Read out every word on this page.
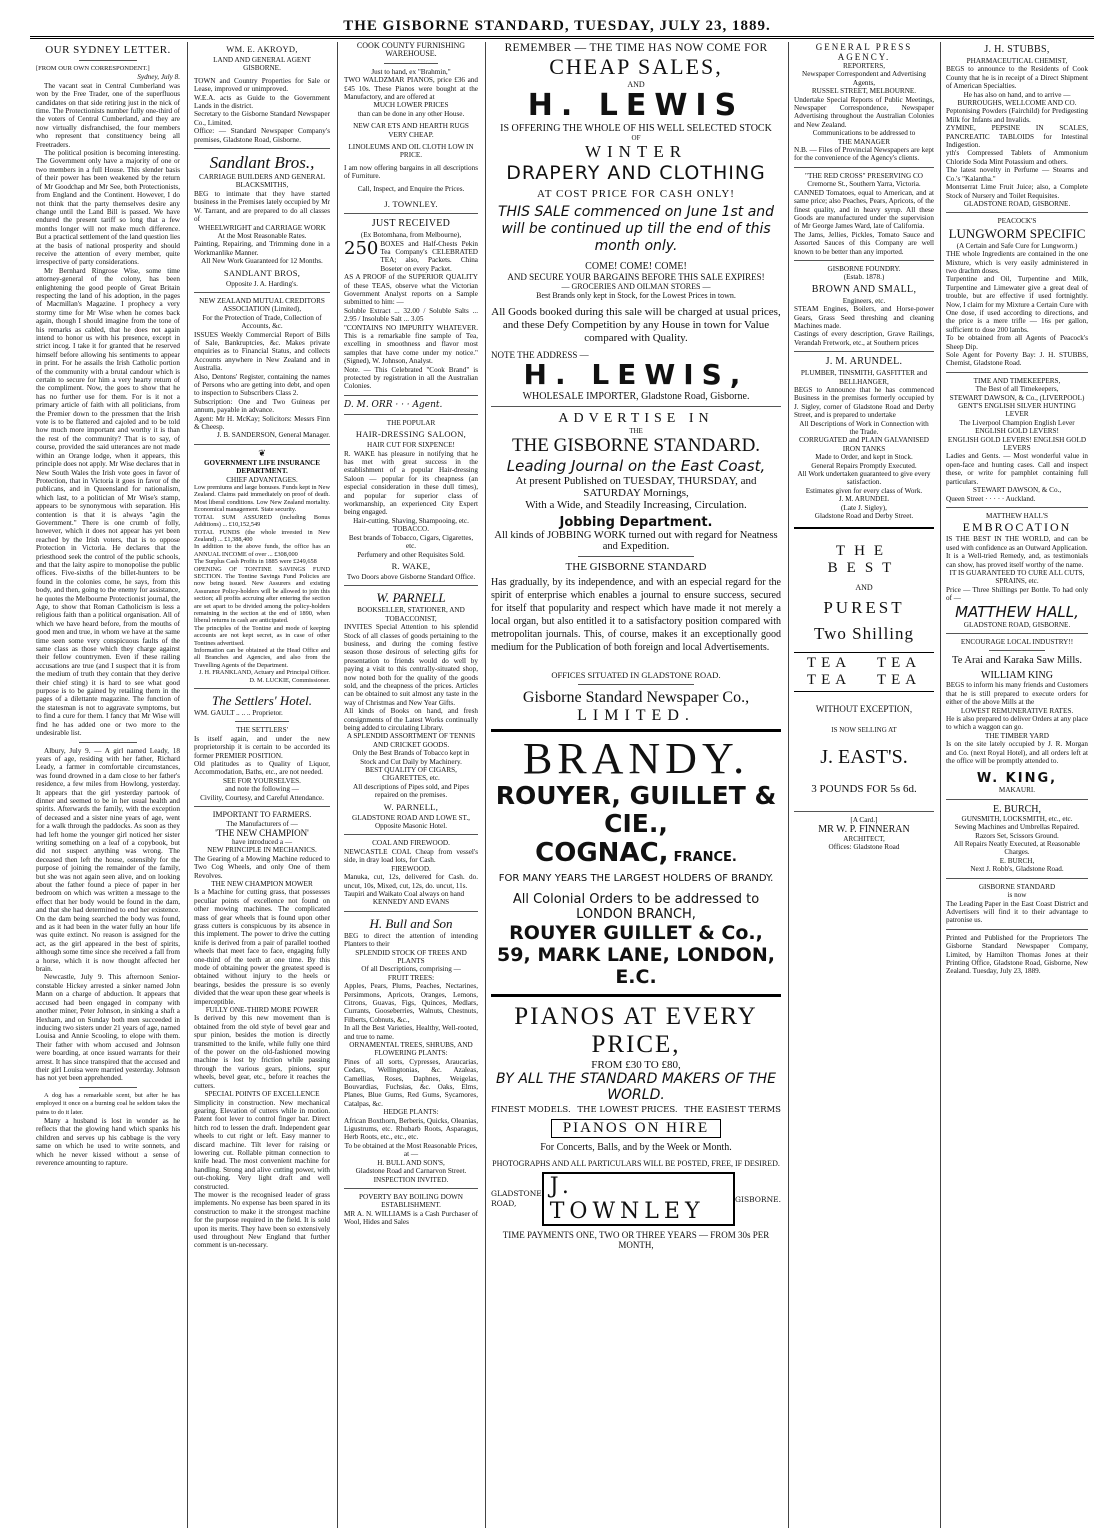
THE GISBORNE STANDARD, TUESDAY, JULY 23, 1889.
OUR SYDNEY LETTER.
[FROM OUR OWN CORRESPONDENT.]
Sydney, July 8.
The vacant seat in Central Cumberland was won by the Free Trader, one of the superfluous candidates on that side retiring just in the nick of time. The Protectionists number fully one-third of the voters of Central Cumberland, and they are now virtually disfranchised, the four members who represent that constituency being all Freetraders.
The political position is becoming interesting. The Government only have a majority of one or two members in a full House. This slender basis of their power has been weakened by the return of Mr Goodchap and Mr See, both Protectionists, from England and the Continent. However, I do not think that the party themselves desire any change until the Land Bill is passed. We have endured the present tariff so long that a few months longer will not make much difference. But a practical settlement of the land question lies at the basis of national prosperity and should receive the attention of every member, quite irrespective of party considerations.
Mr Bernhard Ringrose Wise, some time attorney-general of the colony, has been enlightening the good people of Great Britain respecting the land of his adoption, in the pages of Macmillan's Magazine. I prophecy a very stormy time for Mr Wise when he comes back again, though I should imagine from the tone of his remarks as cabled, that he does not again intend to honor us with his presence, except in strict incog. I take it for granted that he reserved himself before allowing his sentiments to appear in print. For he assails the Irish Catholic portion of the community with a brutal candour which is certain to secure for him a very hearty return of the compliment. Now, the goes to show that he has no further use for them. For is it not a primary article of faith with all politicians, from the Premier down to the pressmen that the Irish vote is to be flattered and cajoled and to be told how much more important and worthy it is than the rest of the community? That is to say, of course, provided the said utterances are not made within an Orange lodge, when it appears, this principle does not apply. Mr Wise declares that in New South Wales the Irish vote goes in favor of Protection, that in Victoria it goes in favor of the publicans, and in Queensland for nationalism, which last, to a politician of Mr Wise's stamp, appears to be synonymous with separation. His contention is that it is always "agin the Government." There is one crumb of folly, however, which it does not appear has yet been reached by the Irish voters, that is to oppose Protection in Victoria. He declares that the priesthood seek the control of the public schools, and that the laity aspire to monopolise the public offices. Five-sixths of the billet-hunters to be found in the colonies come, he says, from this body, and then, going to the enemy for assistance, he quotes the Melbourne Protectionist journal, the Age, to show that Roman Catholicism is less a religious faith than a political organisation. All of which we have heard before, from the mouths of good men and true, in whom we have at the same time seen some very conspicuous faults of the same class as those which they charge against their fellow countrymen. Even if these railing accusations are true (and I suspect that it is from the medium of truth they contain that they derive their chief sting) it is hard to see what good purpose is to be gained by retailing them in the pages of a dilettante magazine. The function of the statesman is not to aggravate symptoms, but to find a cure for them. I fancy that Mr Wise will find he has added one or two more to the undesirable list.
Albury, July 9. — A girl named Leady, 18 years of age, residing with her father, Richard Leady, a farmer in comfortable circumstances, was found drowned in a dam close to her father's residence, a few miles from Howlong, yesterday. It appears that the girl yesterday partook of dinner and seemed to be in her usual health and spirits. Afterwards the family, with the exception of deceased and a sister nine years of age, went for a walk through the paddocks. As soon as they had left home the younger girl noticed her sister writing something on a leaf of a copybook, but did not suspect anything was wrong. The deceased then left the house, ostensibly for the purpose of joining the remainder of the family, but she was not again seen alive, and on looking about the father found a piece of paper in her bedroom on which was written a message to the effect that her body would be found in the dam, and that she had determined to end her existence. On the dam being searched the body was found, and as it had been in the water fully an hour life was quite extinct. No reason is assigned for the act, as the girl appeared in the best of spirits, although some time since she received a fall from a horse, which it is now thought affected her brain.
Newcastle, July 9. This afternoon Senior-constable Hickey arrested a sinker named John Mann on a charge of abduction. It appears that accused had been engaged in company with another miner, Peter Johnson, in sinking a shaft a Hexham, and on Sunday both men succeeded in inducing two sisters under 21 years of age, named Louisa and Annie Scooling, to elope with them. Their father with whom accused and Johnson were boarding, at once issued warrants for their arrest. It has since transpired that the accused and their girl Louisa were married yesterday. Johnson has not yet been apprehended.
A dog has a remarkable scent, but after he has employed it once on a burning coal he seldom takes the pains to do it later.
Many a husband is lost in wonder as he reflects that the glowing hand which spanks his children and serves up his cabbage is the very same on which he used to write sonnets, and which he never kissed without a sense of reverence amounting to rapture.
WM. E. AKROYD,
LAND AND GENERAL AGENT GISBORNE.
TOWN and Country Properties for Sale or Lease, improved or unimproved.
W.E.A. acts as Guide to the Government Lands in the district.
Secretary to the Gisborne Standard Newspaper Co., Limited.
Office: — Standard Newspaper Company's premises, Gladstone Road, Gisborne.
Sandlant Bros.,
CARRIAGE BUILDERS AND GENERAL BLACKSMITHS,
BEG to intimate that they have started business in the Premises lately occupied by Mr W. Tarrant, and are prepared to do all classes of
WHEELWRIGHT and CARRIAGE WORK
At the Most Reasonable Rates.
Painting, Repairing, and Trimming done in a Workmanlike Manner.
All New Work Guaranteed for 12 Months.
SANDLANT BROS,
Opposite J. A. Harding's.
NEW ZEALAND MUTUAL CREDITORS ASSOCIATION (Limited),
For the Protection of Trade, Collection of Accounts, &c.
ISSUES Weekly Commercial Report of Bills of Sale, Bankruptcies, &c. Makes private enquiries as to Financial Status, and collects Accounts anywhere in New Zealand and in Australia.
Also, Dentons' Register, containing the names of Persons who are getting into debt, and open to inspection to Subscribers Class 2.
Subscription: One and Two Guineas per annum, payable in advance.
Agent: Mr H. McKay; Solicitors: Messrs Finn & Cheesp.
J. B. SANDERSON, General Manager.
❦
GOVERNMENT LIFE INSURANCE DEPARTMENT.
CHIEF ADVANTAGES.
Low premiums and large bonuses. Funds kept in New Zealand. Claims paid immediately on proof of death. Most liberal conditions. Low New Zealand mortality. Economical management. State security.
TOTAL SUM ASSURED (including Bonus Additions) ... £10,152,549
TOTAL FUNDS (the whole invested in New Zealand) ... £1,388,400
In addition to the above funds, the office has an ANNUAL INCOME of over ... £308,000
The Surplus Cash Profits in 1885 were £249,658
OPENING OF TONTINE SAVINGS FUND SECTION. The Tontine Savings Fund Policies are now being issued. New Assurers and existing Assurance Policy-holders will be allowed to join this section; all profits accruing after entering the section are set apart to be divided among the policy-holders remaining in the section at the end of 1890, when liberal returns in cash are anticipated.
The principles of the Tontine and mode of keeping accounts are not kept secret, as in case of other Tontines advertised.
Information can be obtained at the Head Office and all Branches and Agencies, and also from the Travelling Agents of the Department.
J. H. FRANKLAND, Actuary and Principal Officer. D. M. LUCKIE, Commissioner.
The Settlers' Hotel.
WM. GAULT .. .. .. Proprietor.
THE SETTLERS'
Is itself again, and under the new proprietorship it is certain to be accorded its former PREMIER POSITION.
Old platitudes as to Quality of Liquor, Accommodation, Baths, etc., are not needed.
SEE FOR YOURSELVES.
and note the following —
Civility, Courtesy, and Careful Attendance.
IMPORTANT TO FARMERS.
The Manufacturers of —
'THE NEW CHAMPION'
have introduced a —
NEW PRINCIPLE IN MECHANICS.
The Gearing of a Mowing Machine reduced to Two Cog Wheels, and only One of them Revolves.
THE NEW CHAMPION MOWER
Is a Machine for cutting grass, that possesses peculiar points of excellence not found on other mowing machines. The complicated mass of gear wheels that is found upon other grass cutters is conspicuous by its absence in this implement. The power to drive the cutting knife is derived from a pair of parallel toothed wheels that meet face to face, engaging fully one-third of the teeth at one time. By this mode of obtaining power the greatest speed is obtained without injury to the heels or bearings, besides the pressure is so evenly divided that the wear upon these gear wheels is imperceptible.
FULLY ONE-THIRD MORE POWER
Is derived by this new movement than is obtained from the old style of bevel gear and spur pinion, besides the motion is directly transmitted to the knife, while fully one third of the power on the old-fashioned mowing machine is lost by friction while passing through the various gears, pinions, spur wheels, bevel gear, etc., before it reaches the cutters.
SPECIAL POINTS OF EXCELLENCE
Simplicity in construction. New mechanical gearing. Elevation of cutters while in motion. Patent foot lever to control finger bar. Direct hitch rod to lessen the draft. Independent gear wheels to cut right or left. Easy manner to discard machine. Tilt lever for raising or lowering cut. Rollable pitman connection to knife head. The most convenient machine for handling. Strong and alive cutting power, with out-choking. Very light draft and well constructed.
The mower is the recognised leader of grass implements. No expense has been spared in its construction to make it the strongest machine for the purpose required in the field. It is sold upon its merits. They have been so extensively used throughout New England that further comment is un-necessary.
COOK COUNTY FURNISHING WAREHOUSE.
Just to hand, ex "Brahmin,"
TWO WALDZMAR PIANOS, price £36 and £45 10s. These Pianos were bought at the Manufactory, and are offered at
MUCH LOWER PRICES
than can be done in any other House.
NEW CAR ETS AND HEARTH RUGS VERY CHEAP.
LINOLEUMS AND OIL CLOTH LOW IN PRICE.
I am now offering bargains in all descriptions of Furniture.
Call, Inspect, and Enquire the Prices.
J. TOWNLEY.
JUST RECEIVED
(Ex Botomhana, from Melbourne),
250 BOXES and Half-Chests Pekin Tea Company's CELEBRATED TEA; also, Packets. China Boseter on every Packet.
AS A PROOF of the SUPERIOR QUALITY of these TEAS, observe what the Victorian Government Analyst reports on a Sample submitted to him: —
Soluble Extract ... 32.00 / Soluble Salts ... 2.95 / Insoluble Salt ... 3.05
"CONTAINS NO IMPURITY WHATEVER. This is a remarkable fine sample of Tea, excelling in smoothness and flavor most samples that have come under my notice." (Signed), W. Johnson, Analyst.
Note. — This Celebrated "Cook Brand" is protected by registration in all the Australian Colonies.
D. M. ORR · · · Agent.
THE POPULAR
HAIR-DRESSING SALOON,
HAIR CUT FOR SIXPENCE!
R. WAKE has pleasure in notifying that he has met with great success in the establishment of a popular Hair-dressing Saloon — popular for its cheapness (an especial consideration in these dull times), and popular for superior class of workmanship, an experienced City Expert being engaged.
Hair-cutting, Shaving, Shampooing, etc.
TOBACCO.
Best brands of Tobacco, Cigars, Cigarettes, etc.
Perfumery and other Requisites Sold.
R. WAKE,
Two Doors above Gisborne Standard Office.
W. PARNELL
BOOKSELLER, STATIONER, AND TOBACCONIST,
INVITES Special Attention to his splendid Stock of all classes of goods pertaining to the business, and during the coming festive season those desirous of selecting gifts for presentation to friends would do well by paying a visit to this centrally-situated shop, now noted both for the quality of the goods sold, and the cheapness of the prices. Articles can be obtained to suit almost any taste in the way of Christmas and New Year Gifts.
All kinds of Books on hand, and fresh consignments of the Latest Works continually being added to circulating Library.
A SPLENDID ASSORTMENT OF TENNIS AND CRICKET GOODS.
Only the Best Brands of Tobacco kept in Stock and Cut Daily by Machinery.
BEST QUALITY OF CIGARS, CIGARETTES, etc.
All descriptions of Pipes sold, and Pipes repaired on the premises.
W. PARNELL,
GLADSTONE ROAD AND LOWE ST.,
Opposite Masonic Hotel.
COAL AND FIREWOOD.
NEWCASTLE COAL Cheap from vessel's side, in dray load lots, for Cash.
FIREWOOD.
Manuka, cut, 12s, delivered for Cash. do. uncut, 10s, Mixed, cut, 12s, do. uncut, 11s.
Taupiri and Waikato Coal always on hand
KENNEDY AND EVANS
H. Bull and Son
BEG to direct the attention of intending Planters to their
SPLENDID STOCK OF TREES AND PLANTS
Of all Descriptions, comprising —
FRUIT TREES:
Apples, Pears, Plums, Peaches, Nectarines, Persimmons, Apricots, Oranges, Lemons, Citrons, Guavas, Figs, Quinces, Medlars, Currants, Gooseberries, Walnuts, Chestnuts, Filberts, Cobnuts, &c.,
In all the Best Varieties, Healthy, Well-rooted, and true to name.
ORNAMENTAL TREES, SHRUBS, AND FLOWERING PLANTS:
Pines of all sorts, Cypresses, Araucarias, Cedars, Wellingtonias, &c. Azaleas, Camellias, Roses, Daphnes, Weigelas, Bouvardias, Fuchsias, &c. Oaks, Elms, Planes, Blue Gums, Red Gums, Sycamores, Catalpas, &c.
HEDGE PLANTS:
African Boxthorn, Berberis, Quicks, Oleanias, Ligustrums, etc. Rhubarb Roots, Asparagus, Herb Roots, etc., etc., etc.
To be obtained at the Most Reasonable Prices, at —
H. BULL AND SON'S,
Gladstone Road and Carnarvon Street.
INSPECTION INVITED.
POVERTY BAY BOILING DOWN ESTABLISHMENT.
MR A. N. WILLIAMS is a Cash Purchaser of Wool, Hides and Sales
REMEMBER — THE TIME HAS NOW COME FOR
CHEAP SALES,
AND
H. LEWIS
IS OFFERING THE WHOLE OF HIS WELL SELECTED STOCK
OF
WINTER
DRAPERY AND CLOTHING
AT COST PRICE FOR CASH ONLY!
THIS SALE commenced on June 1st and will be continued up till the end of this month only.
COME! COME! COME!
AND SECURE YOUR BARGAINS BEFORE THIS SALE EXPIRES!
— GROCERIES AND OILMAN STORES —
Best Brands only kept in Stock, for the Lowest Prices in town.
All Goods booked during this sale will be charged at usual prices, and these Defy Competition by any House in town for Value compared with Quality.
NOTE THE ADDRESS —
H. LEWIS,
WHOLESALE IMPORTER, Gladstone Road, Gisborne.
ADVERTISE IN
THE
THE GISBORNE STANDARD.
Leading Journal on the East Coast,
At present Published on TUESDAY, THURSDAY, and SATURDAY Mornings,
With a Wide, and Steadily Increasing, Circulation.
Jobbing Department.
All kinds of JOBBING WORK turned out with regard for Neatness and Expedition.
THE GISBORNE STANDARD
Has gradually, by its independence, and with an especial regard for the spirit of enterprise which enables a journal to ensure success, secured for itself that popularity and respect which have made it not merely a local organ, but also entitled it to a satisfactory position compared with metropolitan journals. This, of course, makes it an exceptionally good medium for the Publication of both foreign and local Advertisements.
OFFICES SITUATED IN GLADSTONE ROAD.
Gisborne Standard Newspaper Co.,
LIMITED.
BRANDY.
ROUYER, GUILLET & CIE.,
COGNAC, FRANCE.
FOR MANY YEARS THE LARGEST HOLDERS OF BRANDY.
All Colonial Orders to be addressed to
LONDON BRANCH,
ROUYER GUILLET & Co.,
59, MARK LANE, LONDON, E.C.
PIANOS AT EVERY PRICE,
FROM £30 TO £80,
BY ALL THE STANDARD MAKERS OF THE WORLD.
FINEST MODELS. THE LOWEST PRICES. THE EASIEST TERMS
PIANOS ON HIRE
For Concerts, Balls, and by the Week or Month.
PHOTOGRAPHS AND ALL PARTICULARS WILL BE POSTED, FREE, IF DESIRED.
GLADSTONE
ROAD,
J. TOWNLEY	GISBORNE.
TIME PAYMENTS ONE, TWO OR THREE YEARS — FROM 30s PER MONTH,
GENERAL PRESS AGENCY.
REPORTERS,
Newspaper Correspondent and Advertising Agents,
RUSSEL STREET, MELBOURNE.
Undertake Special Reports of Public Meetings, Newspaper Correspondence, Newspaper Advertising throughout the Australian Colonies and New Zealand.
Communications to be addressed to
THE MANAGER
N.B. — Files of Provincial Newspapers are kept for the convenience of the Agency's clients.
"THE RED CROSS" PRESERVING CO
Cremorne St., Southern Yarra, Victoria.
CANNED Tomatoes, equal to American, and at same price; also Peaches, Pears, Apricots, of the finest quality, and in heavy syrup. All these Goods are manufactured under the supervision of Mr George James Ward, late of California.
The Jams, Jellies, Pickles, Tomato Sauce and Assorted Sauces of this Company are well known to be better than any imported.
GISBORNE FOUNDRY.
(Estab. 1878.)
BROWN AND SMALL,
Engineers, etc.
STEAM Engines, Boilers, and Horse-power Gears, Grass Seed threshing and cleaning Machines made.
Castings of every description, Grave Railings, Verandah Fretwork, etc., at Southern prices
J. M. ARUNDEL.
PLUMBER, TINSMITH, GASFITTER and BELLHANGER,
BEGS to Announce that he has commenced Business in the premises formerly occupied by J. Sigley, corner of Gladstone Road and Derby Street, and is prepared to undertake
All Descriptions of Work in Connection with the Trade.
CORRUGATED and PLAIN GALVANISED IRON TANKS
Made to Order, and kept in Stock.
General Repairs Promptly Executed.
All Work undertaken guaranteed to give every satisfaction.
Estimates given for every class of Work.
J. M. ARUNDEL
(Late J. Sigley),
Gladstone Road and Derby Street.
THE BEST
AND
PUREST
Two Shilling
TEA TEA
TEA TEA
WITHOUT EXCEPTION,
IS NOW SELLING AT
J. EAST'S.
3 POUNDS FOR 5s 6d.
[A Card.]
MR W. P. FINNERAN
ARCHITECT,
Offices: Gladstone Road
J. H. STUBBS,
PHARMACEUTICAL CHEMIST,
BEGS to announce to the Residents of Cook County that he is in receipt of a Direct Shipment of American Specialties.
He has also on hand, and to arrive —
BURROUGHS, WELLCOME AND CO.
Peptonising Powders (Fairchild) for Predigesting Milk for Infants and Invalids.
ZYMINE, PEPSINE IN SCALES, PANCREATIC TABLOIDS for Intestinal Indigestion.
yth's Compressed Tablets of Ammonium Chloride Soda Mint Potassium and others.
The latest novelty in Perfume — Stearns and Co.'s "Kalantha."
Montserrat Lime Fruit Juice; also, a Complete Stock of Nursery and Toilet Requisites.
GLADSTONE ROAD, GISBORNE.
PEACOCK'S
LUNGWORM SPECIFIC
(A Certain and Safe Cure for Lungworm.)
THE whole Ingredients are contained in the one Mixture, which is very easily administered in two drachm doses.
Turpentine and Oil, Turpentine and Milk, Turpentine and Limewater give a great deal of trouble, but are effective if used fortnightly. Now, I claim for my Mixture a Certain Cure with One dose, if used according to directions, and the price is a mere trifle — 16s per gallon, sufficient to dose 200 lambs.
To be obtained from all Agents of Peacock's Sheep Dip.
Sole Agent for Poverty Bay: J. H. STUBBS, Chemist, Gladstone Road.
TIME AND TIMEKEEPERS,
The Best of all Timekeepers,
STEWART DAWSON, & Co., (LIVERPOOL)
GENT'S ENGLISH SILVER HUNTING LEVER
The Liverpool Champion English Lever
ENGLISH GOLD LEVERS!
ENGLISH GOLD LEVERS! ENGLISH GOLD LEVERS
Ladies and Gents. — Most wonderful value in open-face and hunting cases. Call and inspect these, or write for pamphlet containing full particulars.
STEWART DAWSON, & Co.,
Queen Street · · · · · Auckland.
MATTHEW HALL'S
EMBROCATION
IS THE BEST IN THE WORLD, and can be used with confidence as an Outward Application.
It is a Well-tried Remedy, and, as testimonials can show, has proved itself worthy of the name.
IT IS GUARANTEED TO CURE ALL CUTS, SPRAINS, etc.
Price — Three Shillings per Bottle. To had only of —
MATTHEW HALL,
GLADSTONE ROAD, GISBORNE.
ENCOURAGE LOCAL INDUSTRY!!
Te Arai and Karaka Saw Mills.
WILLIAM KING
BEGS to inform his many friends and Customers that he is still prepared to execute orders for either of the above Mills at the
LOWEST REMUNERATIVE RATES.
He is also prepared to deliver Orders at any place to which a waggon can go.
THE TIMBER YARD
Is on the site lately occupied by J. R. Morgan and Co. (next Royal Hotel), and all orders left at the office will be promptly attended to.
W. KING,
MAKAURI.
E. BURCH,
GUNSMITH, LOCKSMITH, etc., etc.
Sewing Machines and Umbrellas Repaired.
Razors Set, Scissors Ground.
All Repairs Neatly Executed, at Reasonable Charges.
E. BURCH,
Next J. Robb's, Gladstone Road.
GISBORNE STANDARD
is now
The Leading Paper in the East Coast District and Advertisers will find it to their advantage to patronise us.
Printed and Published for the Proprietors The Gisborne Standard Newspaper Company, Limited, by Hamilton Thomas Jones at their Printing Office, Gladstone Road, Gisborne, New Zealand. Tuesday, July 23, 1889.
